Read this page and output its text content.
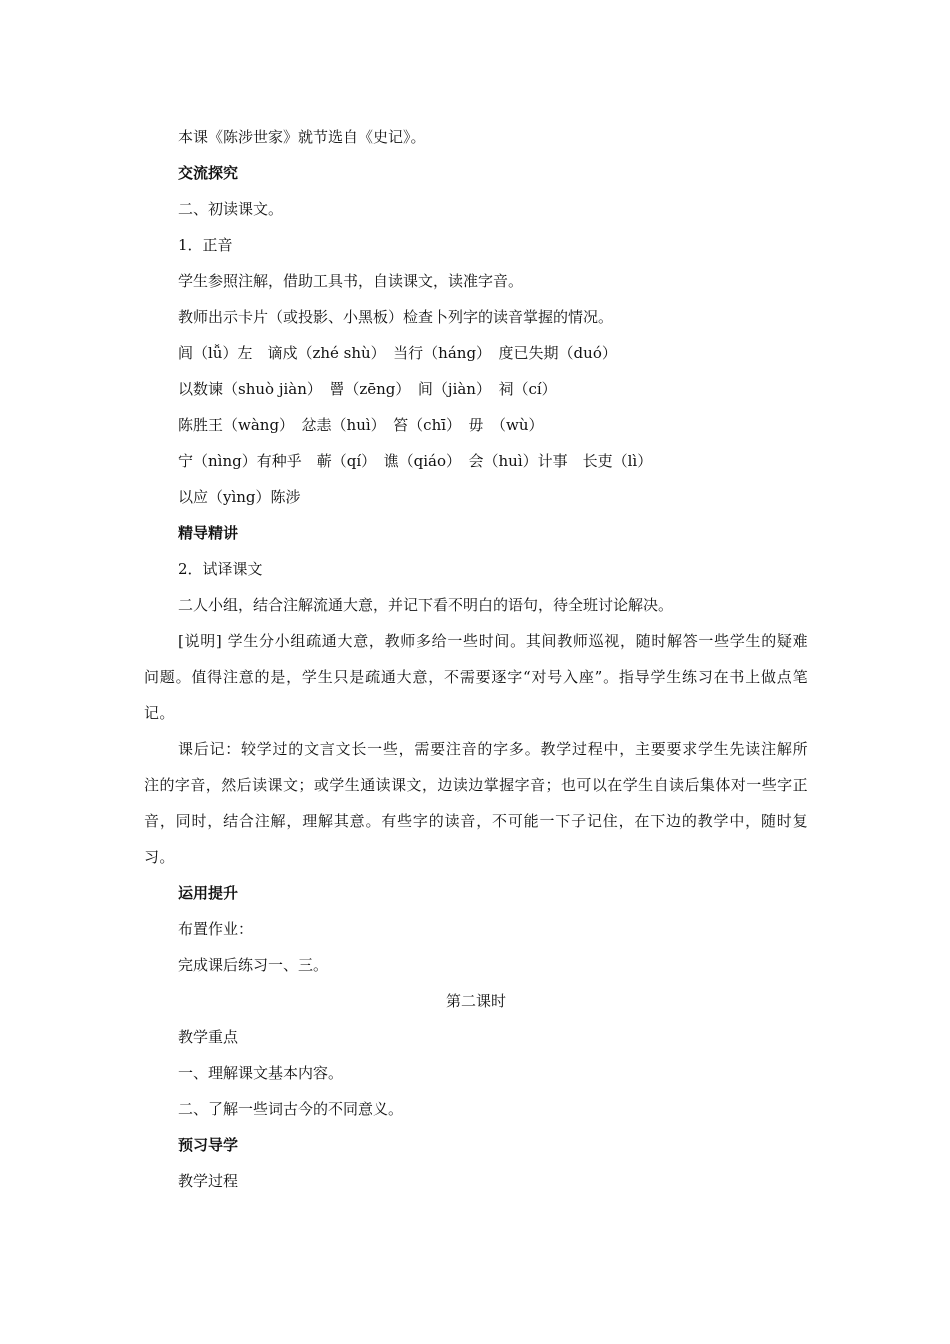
本课《陈涉世家》就节选自《史记》。
交流探究
二、初读课文。
1．正音
学生参照注解，借助工具书，自读课文，读准字音。
教师出示卡片（或投影、小黑板）检查卜列字的读音掌握的情况。
闾（lǚ）左　谪戍（zhé shù）　当行（háng）　度已失期（duó）
以数谏（shuò jiàn）　罾（zēng）　间（jiàn）　祠（cí）
陈胜王（wàng）　忿恚（huì）　笞（chī）　毋　（wù）
宁（nìng）有种乎　蕲（qí）　谯（qiáo）　会（huì）计事　长吏（lì）
以应（yìng）陈涉
精导精讲
2．试译课文
二人小组，结合注解流通大意，并记下看不明白的语句，待全班讨论解决。
[说明] 学生分小组疏通大意，教师多给一些时间。其间教师巡视，随时解答一些学生的疑难问题。值得注意的是，学生只是疏通大意，不需要逐字“对号入座”。指导学生练习在书上做点笔记。
课后记：较学过的文言文长一些，需要注音的字多。教学过程中，主要要求学生先读注解所注的字音，然后读课文；或学生通读课文，边读边掌握字音；也可以在学生自读后集体对一些字正音，同时，结合注解，理解其意。有些字的读音，不可能一下子记住，在下边的教学中，随时复习。
运用提升
布置作业：
完成课后练习一、三。
第二课时
教学重点
一、理解课文基本内容。
二、了解一些词古今的不同意义。
预习导学
教学过程
